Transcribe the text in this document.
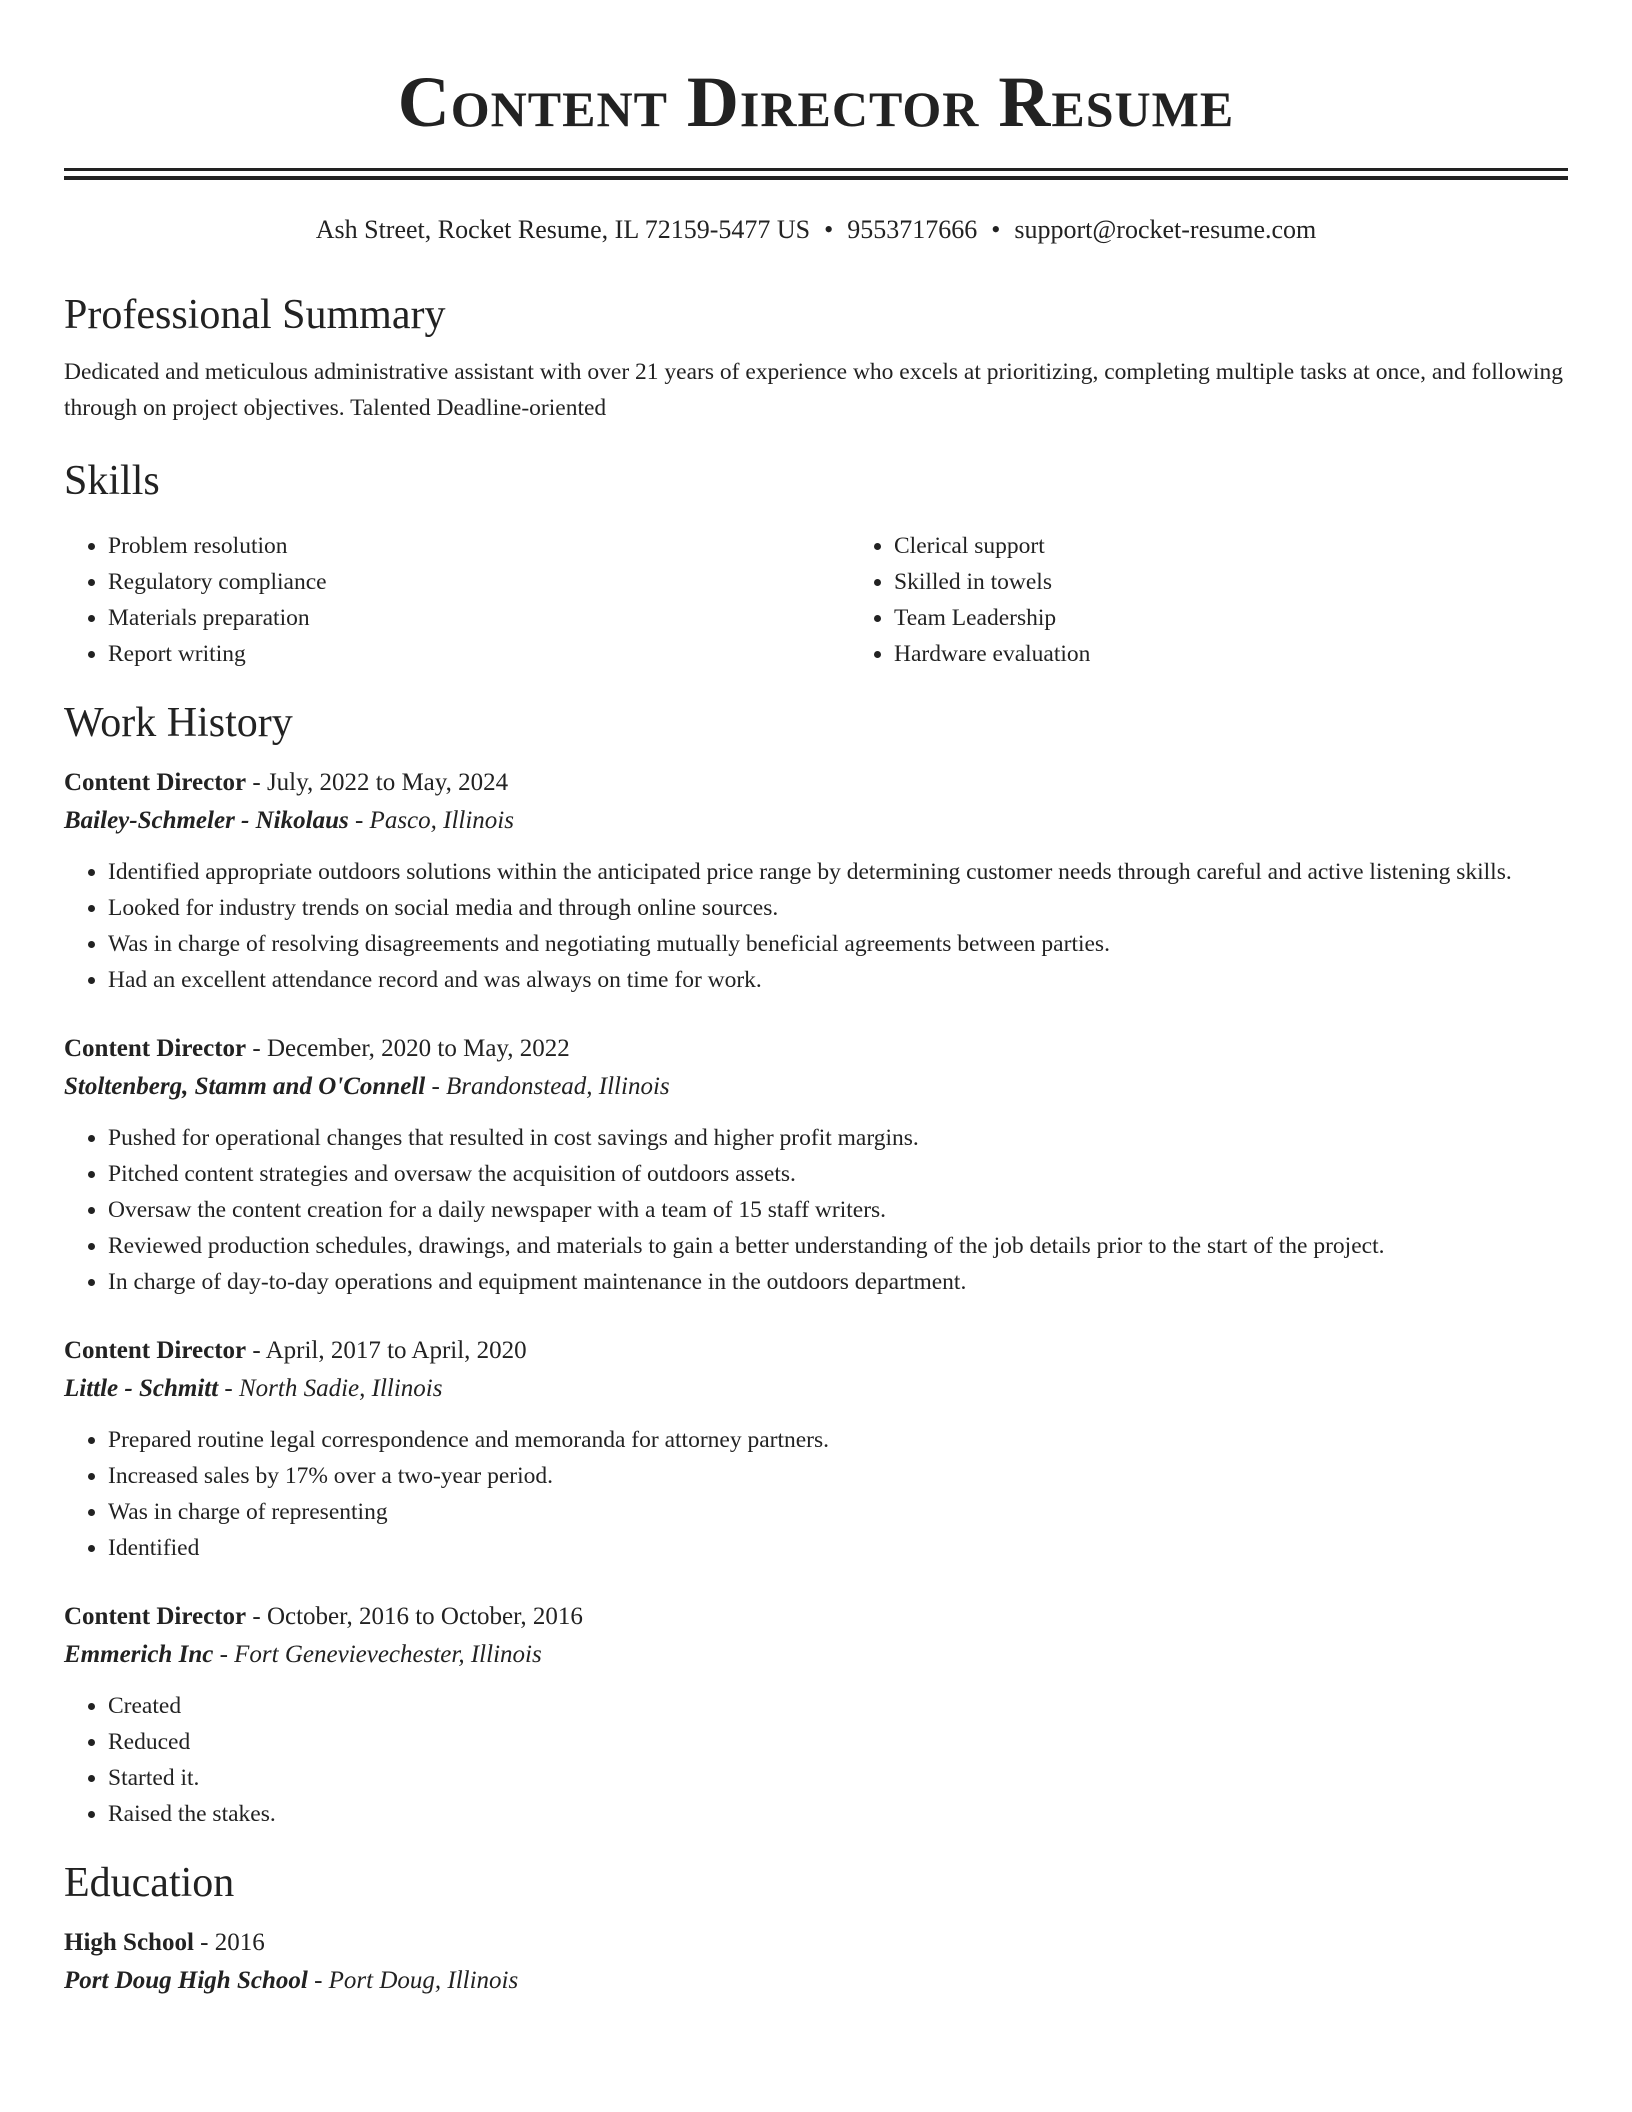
Content Director Resume
Ash Street, Rocket Resume, IL 72159-5477 US • 9553717666 • support@rocket-resume.com
Professional Summary
Dedicated and meticulous administrative assistant with over 21 years of experience who excels at prioritizing, completing multiple tasks at once, and following through on project objectives. Talented Deadline-oriented
Skills
• Problem resolution
• Regulatory compliance
• Materials preparation
• Report writing
• Clerical support
• Skilled in towels
• Team Leadership
• Hardware evaluation
Work History
Content Director - July, 2022 to May, 2024
Bailey-Schmeler - Nikolaus - Pasco, Illinois
• Identified appropriate outdoors solutions within the anticipated price range by determining customer needs through careful and active listening skills.
• Looked for industry trends on social media and through online sources.
• Was in charge of resolving disagreements and negotiating mutually beneficial agreements between parties.
• Had an excellent attendance record and was always on time for work.
Content Director - December, 2020 to May, 2022
Stoltenberg, Stamm and O'Connell - Brandonstead, Illinois
• Pushed for operational changes that resulted in cost savings and higher profit margins.
• Pitched content strategies and oversaw the acquisition of outdoors assets.
• Oversaw the content creation for a daily newspaper with a team of 15 staff writers.
• Reviewed production schedules, drawings, and materials to gain a better understanding of the job details prior to the start of the project.
• In charge of day-to-day operations and equipment maintenance in the outdoors department.
Content Director - April, 2017 to April, 2020
Little - Schmitt - North Sadie, Illinois
• Prepared routine legal correspondence and memoranda for attorney partners.
• Increased sales by 17% over a two-year period.
• Was in charge of representing
• Identified
Content Director - October, 2016 to October, 2016
Emmerich Inc - Fort Genevievechester, Illinois
• Created
• Reduced
• Started it.
• Raised the stakes.
Education
High School - 2016
Port Doug High School - Port Doug, Illinois
